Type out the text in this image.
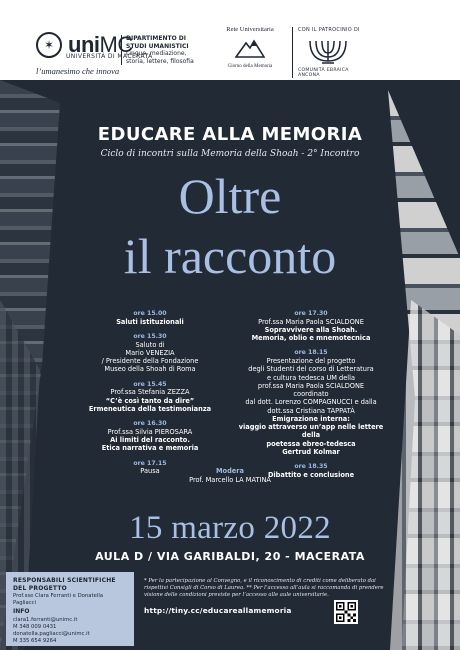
✶ uniMC
UNIVERSITÀ DI MACERATA
l’umanesimo che innova
DIPARTIMENTO DI
STUDI UMANISTICI
Lingue, mediazione,
storia, lettere, filosofia
Rete Universitaria
Giorno della Memoria
CON IL PATROCINIO DI
COMUNITÀ EBRAICA ANCONA
EDUCARE ALLA MEMORIA
Ciclo di incontri sulla Memoria della Shoah - 2° Incontro
Oltre
il racconto
ore 15.00
Saluti istituzionali
ore 15.30
Saluto di
Mario VENEZIA
/ Presidente della Fondazione
Museo della Shoah di Roma
ore 15.45
Prof.ssa Stefania ZEZZA
“C’è così tanto da dire”
Ermeneutica della testimonianza
ore 16.30
Prof.ssa Silvia PIEROSARA
Ai limiti del racconto.
Etica narrativa e memoria
ore 17.15
Pausa
ore 17.30
Prof.ssa Maria Paola SCIALDONE
Sopravvivere alla Shoah.
Memoria, oblio e mnemotecnica
ore 18.15
Presentazione del progetto
degli Studenti del corso di Letteratura
e cultura tedesca UM della
prof.ssa Maria Paola SCIALDONE
coordinato
dal dott. Lorenzo COMPAGNUCCI e dalla
dott.ssa Cristiana TAPPATÀ
Emigrazione interna:
viaggio attraverso un’app nelle lettere della
poetessa ebreo-tedesca
Gertrud Kolmar
ore 18.35
Dibattito e conclusione
Modera
Prof. Marcello LA MATINA
15 marzo 2022
AULA D / VIA GARIBALDI, 20 - MACERATA
RESPONSABILI SCIENTIFICHE
DEL PROGETTO
Prof.sse Clara Ferranti e Donatella Pagliacci
INFO
clara1.ferranti@unimc.it
M 348 009 0431
donatella.pagliacci@unimc.it
M 335 654 9264
* Per la partecipazione al Convegno, e il riconoscimento di crediti come deliberato dai rispettivi Consigli di Corso di Laurea. ** Per l’accesso all’aula si raccomanda di prendere visione delle condizioni previste per l’accesso alle aule universitarie.
http://tiny.cc/educareallamemoria
